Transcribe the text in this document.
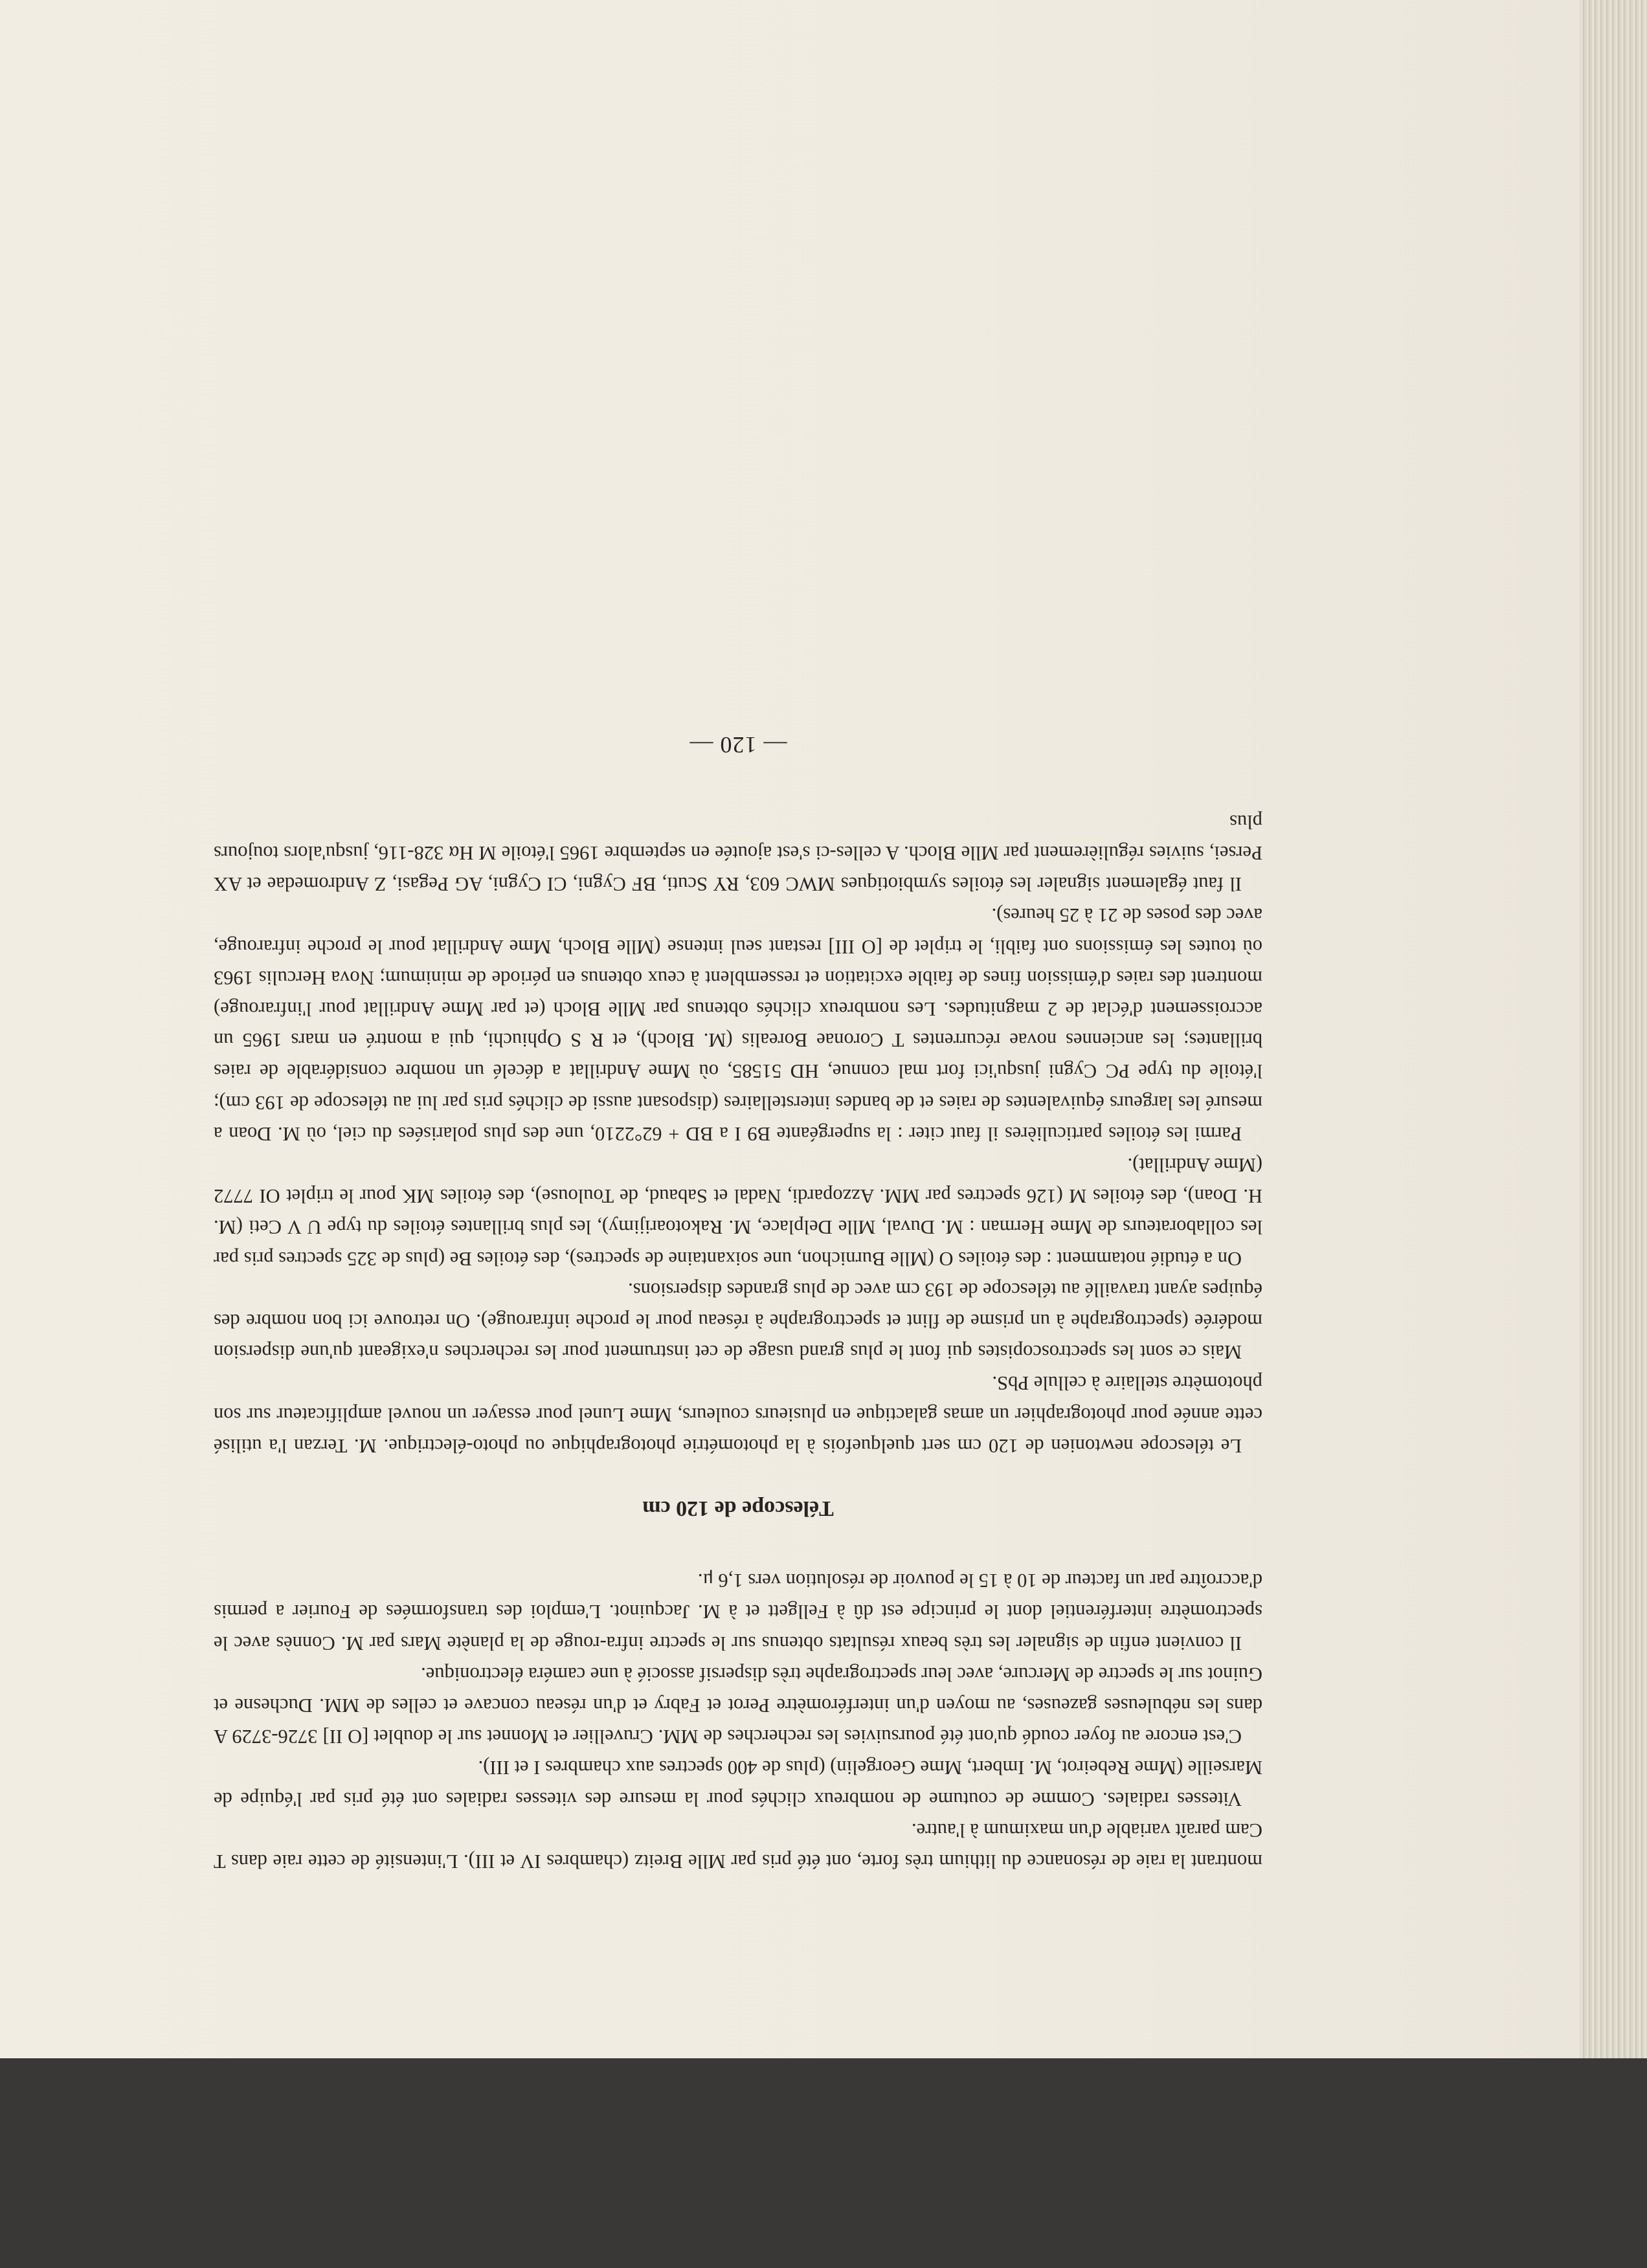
montrant la raie de résonance du lithium très forte, ont été pris par Mlle Breitz (chambres IV et III). L'intensité de cette raie dans T Cam paraît variable d'un maximum à l'autre.

Vitesses radiales. Comme de coutume de nombreux clichés pour la mesure des vitesses radiales ont été pris par l'équipe de Marseille (Mme Rebeirot, M. Imbert, Mme Georgelin) (plus de 400 spectres aux chambres I et III).

C'est encore au foyer coudé qu'ont été poursuivies les recherches de MM. Cruvellier et Monnet sur le doublet [O II] 3726-3729 A dans les nébuleuses gazeuses, au moyen d'un interféromètre Perot et Fabry et d'un réseau concave et celles de MM. Duchesne et Guinot sur le spectre de Mercure, avec leur spectrographe très dispersif associé à une caméra électronique.

Il convient enfin de signaler les très beaux résultats obtenus sur le spectre infra-rouge de la planète Mars par M. Connès avec le spectromètre interférentiel dont le principe est dû à Fellgett et à M. Jacquinot. L'emploi des transformées de Fourier a permis d'accroître par un facteur de 10 à 15 le pouvoir de résolution vers 1,6 μ.

Télescope de 120 cm

Le télescope newtonien de 120 cm sert quelquefois à la photométrie photographique ou photo-électrique. M. Terzan l'a utilisé cette année pour photographier un amas galactique en plusieurs couleurs, Mme Lunel pour essayer un nouvel amplificateur sur son photomètre stellaire à cellule PbS.

Mais ce sont les spectroscopistes qui font le plus grand usage de cet instrument pour les recherches n'exigeant qu'une dispersion modérée (spectrographe à un prisme de flint et spectrographe à réseau pour le proche infrarouge). On retrouve ici bon nombre des équipes ayant travaillé au télescope de 193 cm avec de plus grandes dispersions.

On a étudié notamment : des étoiles O (Mlle Burnichon, une soixantaine de spectres), des étoiles Be (plus de 325 spectres pris par les collaborateurs de Mme Herman : M. Duval, Mlle Delplace, M. Rakotoarijimy), les plus brillantes étoiles du type U V Ceti (M. H. Doan), des étoiles M (126 spectres par MM. Azzopardi, Nadal et Sabaud, de Toulouse), des étoiles MK pour le triplet OI 7772 (Mme Andrillat).

Parmi les étoiles particulières il faut citer : la supergéante B9 I a BD + 62°2210, une des plus polarisées du ciel, où M. Doan a mesuré les largeurs équivalentes de raies et de bandes interstellaires (disposant aussi de clichés pris par lui au télescope de 193 cm); l'étoile du type PC Cygni jusqu'ici fort mal connue, HD 51585, où Mme Andrillat a décelé un nombre considérable de raies brillantes; les anciennes novae récurrentes T Coronae Borealis (M. Bloch), et R S Ophiuchi, qui a montré en mars 1965 un accroissement d'éclat de 2 magnitudes. Les nombreux clichés obtenus par Mlle Bloch (et par Mme Andrillat pour l'infrarouge) montrent des raies d'émission fines de faible excitation et ressemblent à ceux obtenus en période de minimum; Nova Herculis 1963 où toutes les émissions ont faibli, le triplet de [O III] restant seul intense (Mlle Bloch, Mme Andrillat pour le proche infrarouge, avec des poses de 21 à 25 heures).

Il faut également signaler les étoiles symbiotiques MWC 603, RY Scuti, BF Cygni, CI Cygni, AG Pegasi, Z Andromedae et AX Persei, suivies régulièrement par Mlle Bloch. A celles-ci s'est ajoutée en septembre 1965 l'étoile M Hα 328-116, jusqu'alors toujours plus

— 120 —
